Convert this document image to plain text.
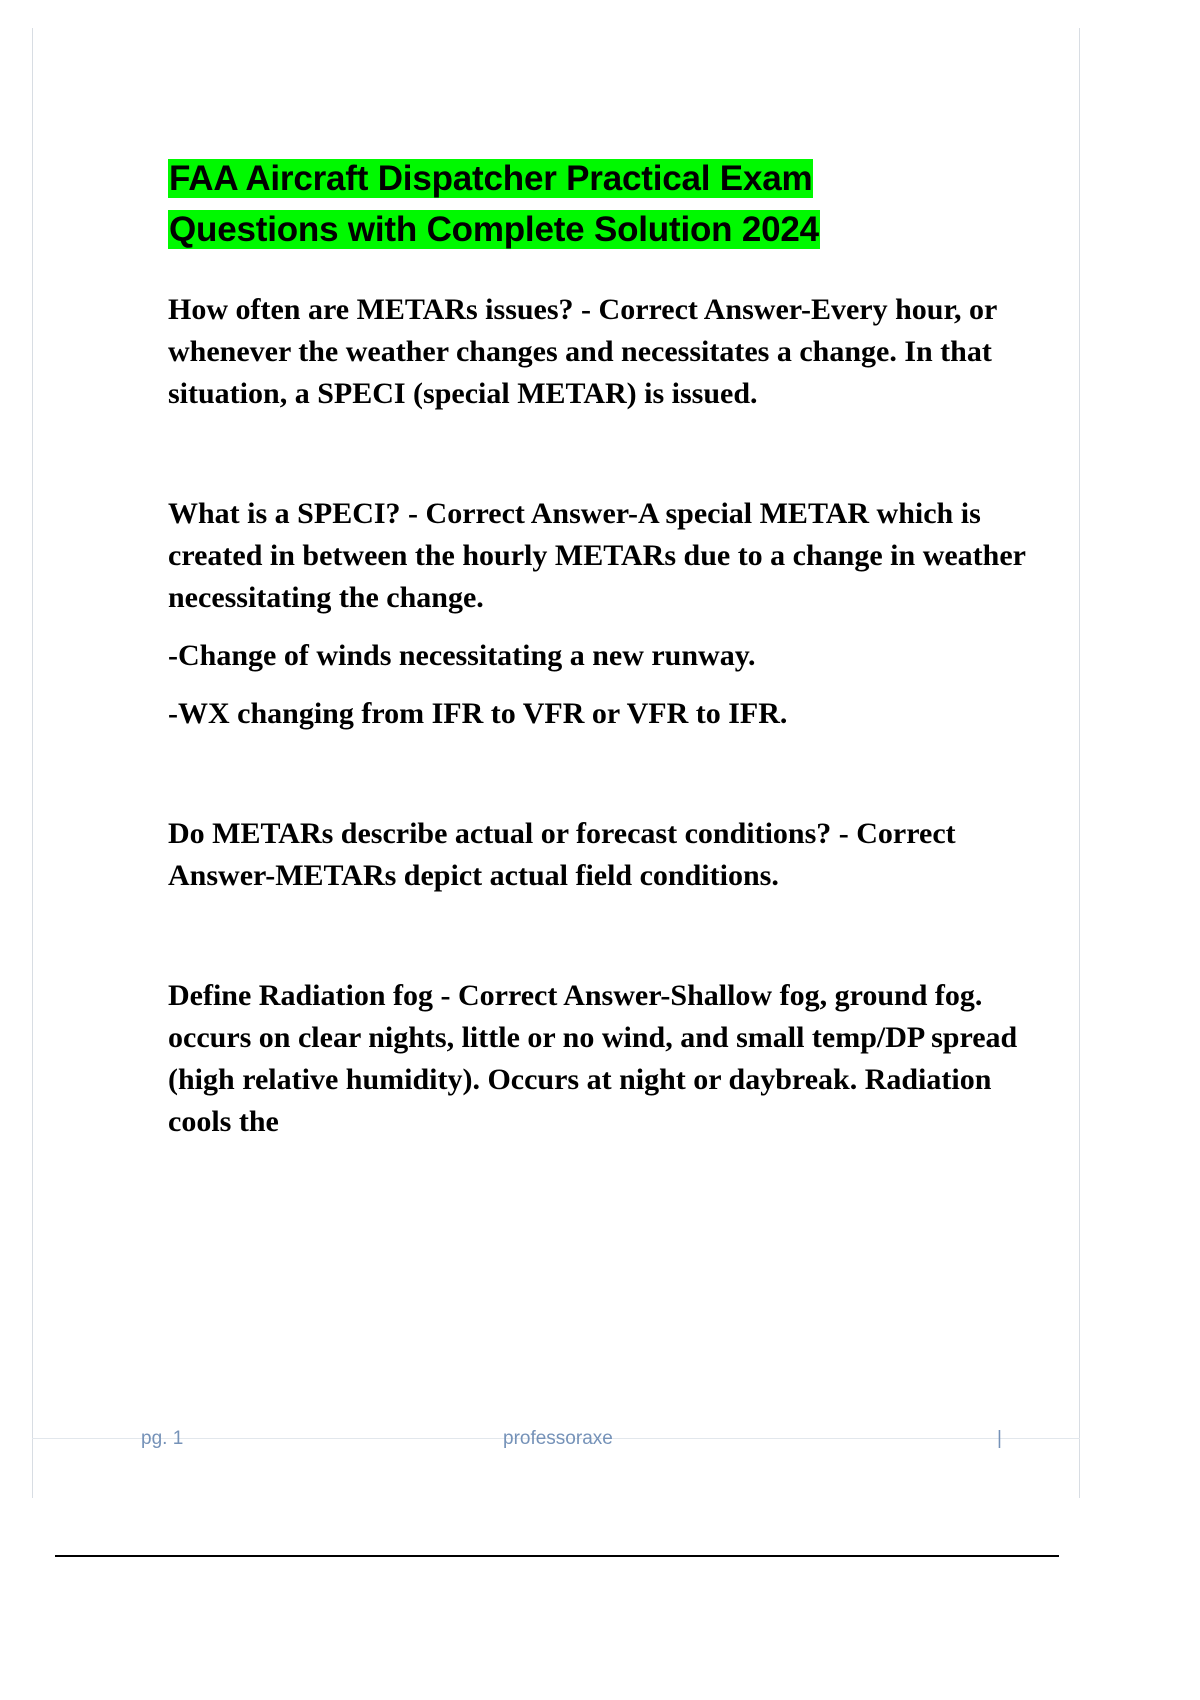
FAA Aircraft Dispatcher Practical Exam
Questions with Complete Solution 2024

How often are METARs issues? - Correct Answer-Every hour, or whenever the weather changes and necessitates a change. In that situation, a SPECI (special METAR) is issued.

What is a SPECI? - Correct Answer-A special METAR which is created in between the hourly METARs due to a change in weather necessitating the change.

-Change of winds necessitating a new runway.

-WX changing from IFR to VFR or VFR to IFR.

Do METARs describe actual or forecast conditions? - Correct Answer-METARs depict actual field conditions.

Define Radiation fog - Correct Answer-Shallow fog, ground fog. occurs on clear nights, little or no wind, and small temp/DP spread (high relative humidity). Occurs at night or daybreak. Radiation cools the

pg. 1	professoraxe	|
